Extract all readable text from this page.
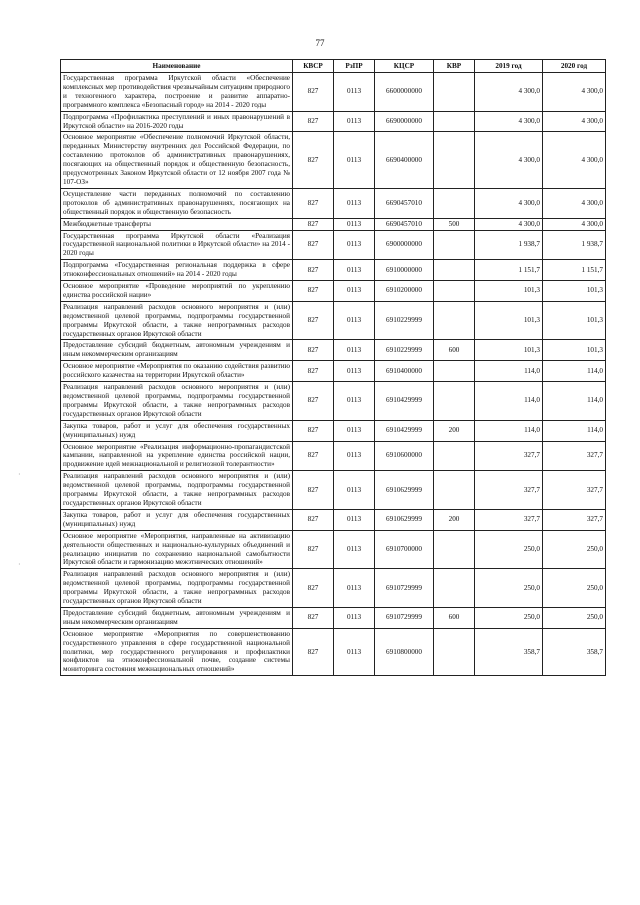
77
·
·
Наименование	КВСР	РзПР	КЦСР	КВР	2019 год	2020 год
Государственная программа Иркутской области «Обеспечение комплексных мер противодействия чрезвычайным ситуациям природного и техногенного характера, построение и развитие аппаратно-программного комплекса «Безопасный город» на 2014 - 2020 годы	827	0113	6600000000		4 300,0	4 300,0
Подпрограмма «Профилактика преступлений и иных правонарушений в Иркутской области» на 2016-2020 годы	827	0113	6690000000		4 300,0	4 300,0
Основное мероприятие «Обеспечение полномочий Иркутской области, переданных Министерству внутренних дел Российской Федерации, по составлению протоколов об административных правонарушениях, посягающих на общественный порядок и общественную безопасность, предусмотренных Законом Иркутской области от 12 ноября 2007 года № 107-ОЗ»	827	0113	6690400000		4 300,0	4 300,0
Осуществление части переданных полномочий по составлению протоколов об административных правонарушениях, посягающих на общественный порядок и общественную безопасность	827	0113	6690457010		4 300,0	4 300,0
Межбюджетные трансферты	827	0113	6690457010	500	4 300,0	4 300,0
Государственная программа Иркутской области «Реализация государственной национальной политики в Иркутской области» на 2014 - 2020 годы	827	0113	6900000000		1 938,7	1 938,7
Подпрограмма «Государственная региональная поддержка в сфере этноконфессиональных отношений» на 2014 - 2020 годы	827	0113	6910000000		1 151,7	1 151,7
Основное мероприятие «Проведение мероприятий по укреплению единства российской нации»	827	0113	6910200000		101,3	101,3
Реализация направлений расходов основного мероприятия и (или) ведомственной целевой программы, подпрограммы государственной программы Иркутской области, а также непрограммных расходов государственных органов Иркутской области	827	0113	6910229999		101,3	101,3
Предоставление субсидий бюджетным, автономным учреждениям и иным некоммерческим организациям	827	0113	6910229999	600	101,3	101,3
Основное мероприятие «Мероприятия по оказанию содействия развитию российского казачества на территории Иркутской области»	827	0113	6910400000		114,0	114,0
Реализация направлений расходов основного мероприятия и (или) ведомственной целевой программы, подпрограммы государственной программы Иркутской области, а также непрограммных расходов государственных органов Иркутской области	827	0113	6910429999		114,0	114,0
Закупка товаров, работ и услуг для обеспечения государственных (муниципальных) нужд	827	0113	6910429999	200	114,0	114,0
Основное мероприятие «Реализация информационно-пропагандистской кампании, направленной на укрепление единства российской нации, продвижение идей межнациональной и религиозной толерантности»	827	0113	6910600000		327,7	327,7
Реализация направлений расходов основного мероприятия и (или) ведомственной целевой программы, подпрограммы государственной программы Иркутской области, а также непрограммных расходов государственных органов Иркутской области	827	0113	6910629999		327,7	327,7
Закупка товаров, работ и услуг для обеспечения государственных (муниципальных) нужд	827	0113	6910629999	200	327,7	327,7
Основное мероприятие «Мероприятия, направленные на активизацию деятельности общественных и национально-культурных объединений и реализацию инициатив по сохранению национальной самобытности Иркутской области и гармонизацию межэтнических отношений»	827	0113	6910700000		250,0	250,0
Реализация направлений расходов основного мероприятия и (или) ведомственной целевой программы, подпрограммы государственной программы Иркутской области, а также непрограммных расходов государственных органов Иркутской области	827	0113	6910729999		250,0	250,0
Предоставление субсидий бюджетным, автономным учреждениям и иным некоммерческим организациям	827	0113	6910729999	600	250,0	250,0
Основное мероприятие «Мероприятия по совершенствованию государственного управления в сфере государственной национальной политики, мер государственного регулирования и профилактики конфликтов на этноконфессиональной почве, создание системы мониторинга состояния межнациональных отношений»	827	0113	6910800000		358,7	358,7
